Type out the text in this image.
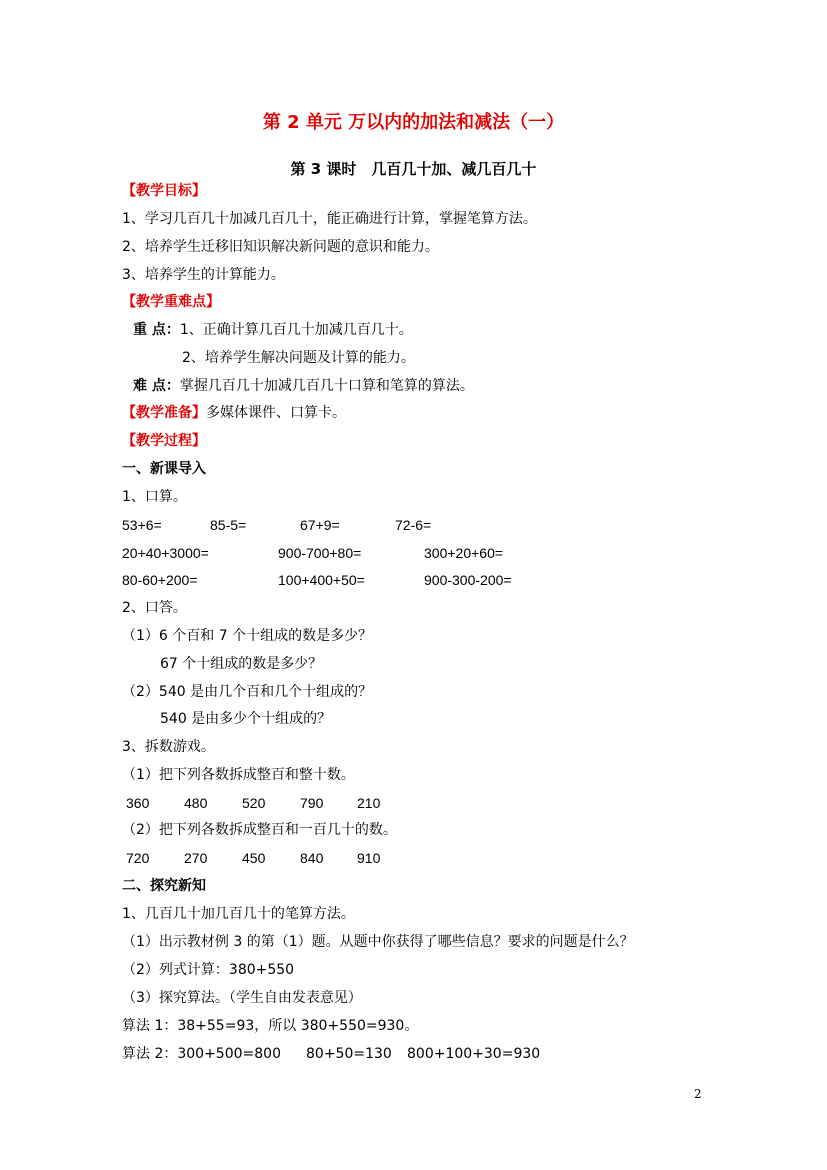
第 2 单元 万以内的加法和减法（一）
第 3 课时　几百几十加、减几百几十
【教学目标】
1、学习几百几十加减几百几十，能正确进行计算，掌握笔算方法。
2、培养学生迁移旧知识解决新问题的意识和能力。
3、培养学生的计算能力。
【教学重难点】
重 点：1、正确计算几百几十加减几百几十。
2、培养学生解决问题及计算的能力。
难 点：掌握几百几十加减几百几十口算和笔算的算法。
【教学准备】多媒体课件、口算卡。
【教学过程】
一、新课导入
1、口算。
53+6=	85-5=	67+9=	72-6=
20+40+3000=	900-700+80=	300+20+60=
80-60+200=	100+400+50=	900-300-200=
2、口答。
（1）6 个百和 7 个十组成的数是多少？
67 个十组成的数是多少？
（2）540 是由几个百和几个十组成的？
540 是由多少个十组成的？
3、拆数游戏。
（1）把下列各数拆成整百和整十数。
360 480 520 790 210
（2）把下列各数拆成整百和一百几十的数。
720 270 450 840 910
二、探究新知
1、几百几十加几百几十的笔算方法。
（1）出示教材例 3 的第（1）题。从题中你获得了哪些信息？要求的问题是什么？
（2）列式计算：380+550
（3）探究算法。（学生自由发表意见）
算法 1：38+55=93，所以 380+550=930。
算法 2：300+500=800 80+50=130 800+100+30=930
2
